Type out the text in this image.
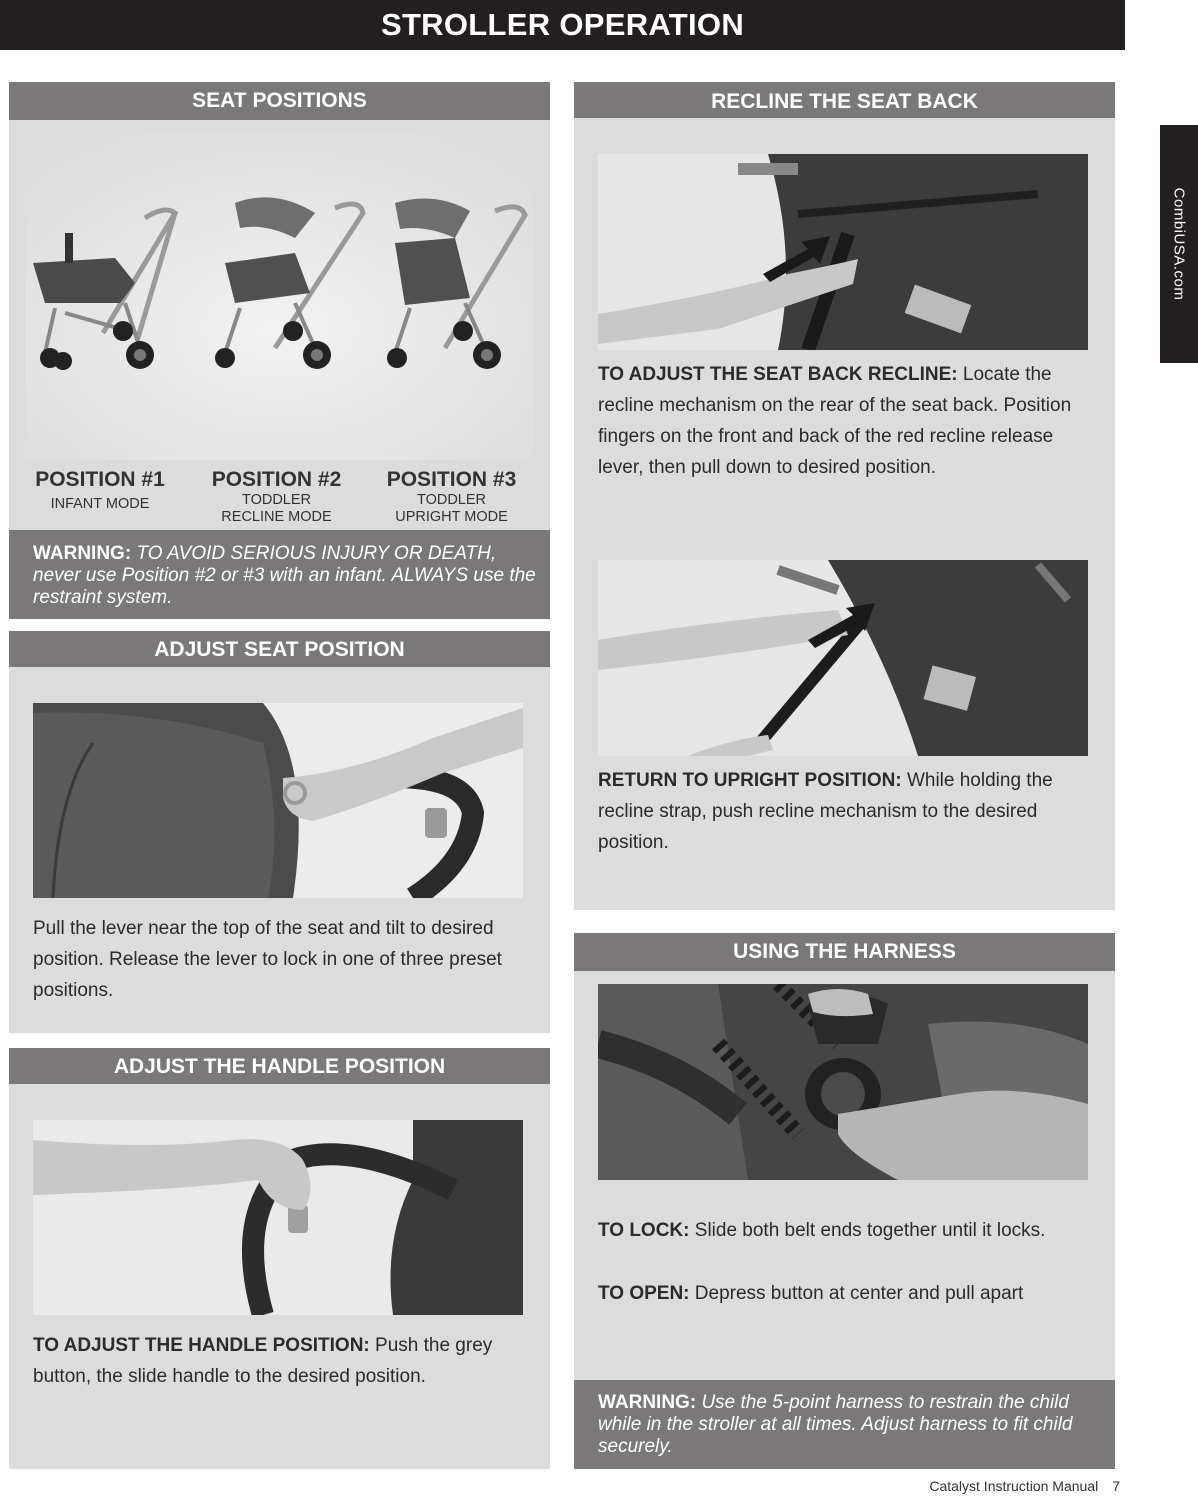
STROLLER OPERATION
CombiUSA.com
SEAT POSITIONS
POSITION #1
INFANT MODE
POSITION #2
TODDLER
RECLINE MODE
POSITION #3
TODDLER
UPRIGHT MODE
WARNING: TO AVOID SERIOUS INJURY OR DEATH, never use Position #2 or #3 with an infant. ALWAYS use the restraint system.
ADJUST SEAT POSITION
Pull the lever near the top of the seat and tilt to desired position. Release the lever to lock in one of three preset positions.
ADJUST THE HANDLE POSITION
TO ADJUST THE HANDLE POSITION: Push the grey button, the slide handle to the desired position.
RECLINE THE SEAT BACK
TO ADJUST THE SEAT BACK RECLINE: Locate the recline mechanism on the rear of the seat back. Position fingers on the front and back of the red recline release lever, then pull down to desired position.
RETURN TO UPRIGHT POSITION: While holding the recline strap, push recline mechanism to the desired position.
USING THE HARNESS
TO LOCK: Slide both belt ends together until it locks.
TO OPEN: Depress button at center and pull apart
WARNING: Use the 5-point harness to restrain the child while in the stroller at all times. Adjust harness to fit child securely.
Catalyst Instruction Manual 7
